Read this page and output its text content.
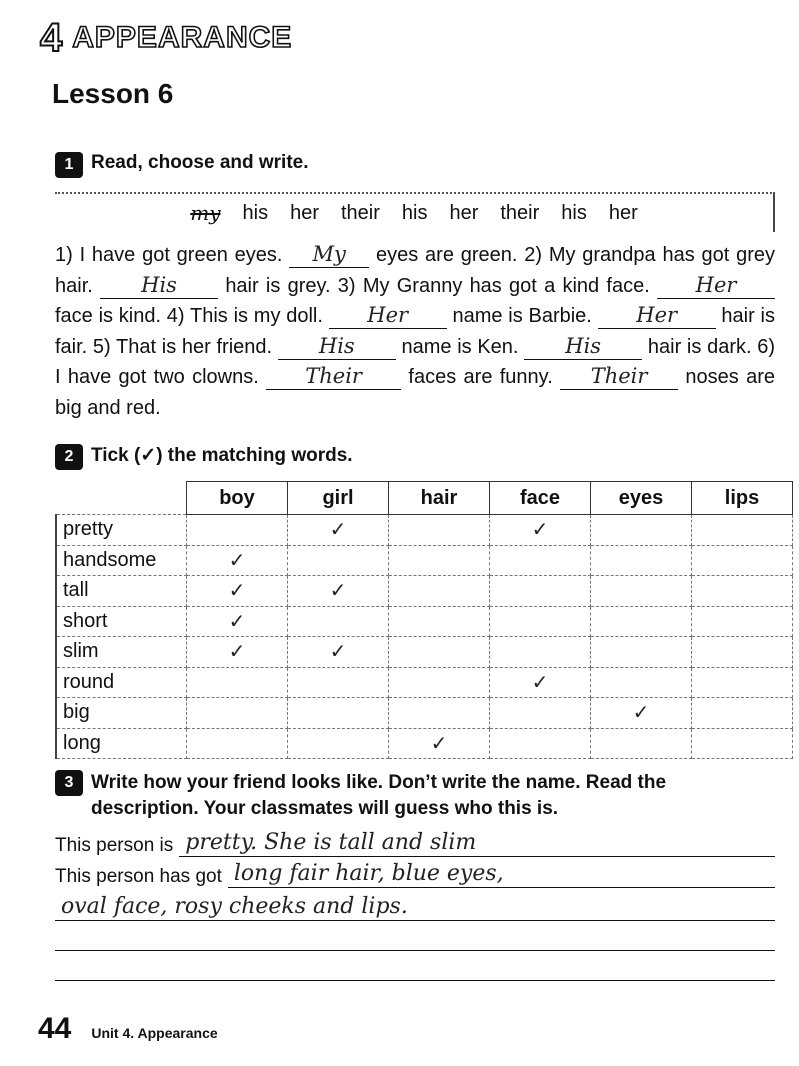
4 APPEARANCE
Lesson 6
1 Read, choose and write.
my his her their his her their his her
1) I have got green eyes. My eyes are green. 2) My grandpa has got grey hair. His hair is grey. 3) My Granny has got a kind face. Her face is kind. 4) This is my doll. Her name is Barbie. Her hair is fair. 5) That is her friend. His name is Ken. His hair is dark. 6) I have got two clowns. Their faces are funny. Their noses are big and red.
2 Tick (✓) the matching words.
	boy	girl	hair	face	eyes	lips
pretty		✓		✓		
handsome	✓					
tall	✓	✓				
short	✓					
slim	✓	✓				
round				✓		
big					✓	
long			✓			
3 Write how your friend looks like. Don’t write the name. Read the
description. Your classmates will guess who this is.
This person is pretty. She is tall and slim
This person has got long fair hair, blue eyes,
oval face, rosy cheeks and lips.
44 Unit 4. Appearance
